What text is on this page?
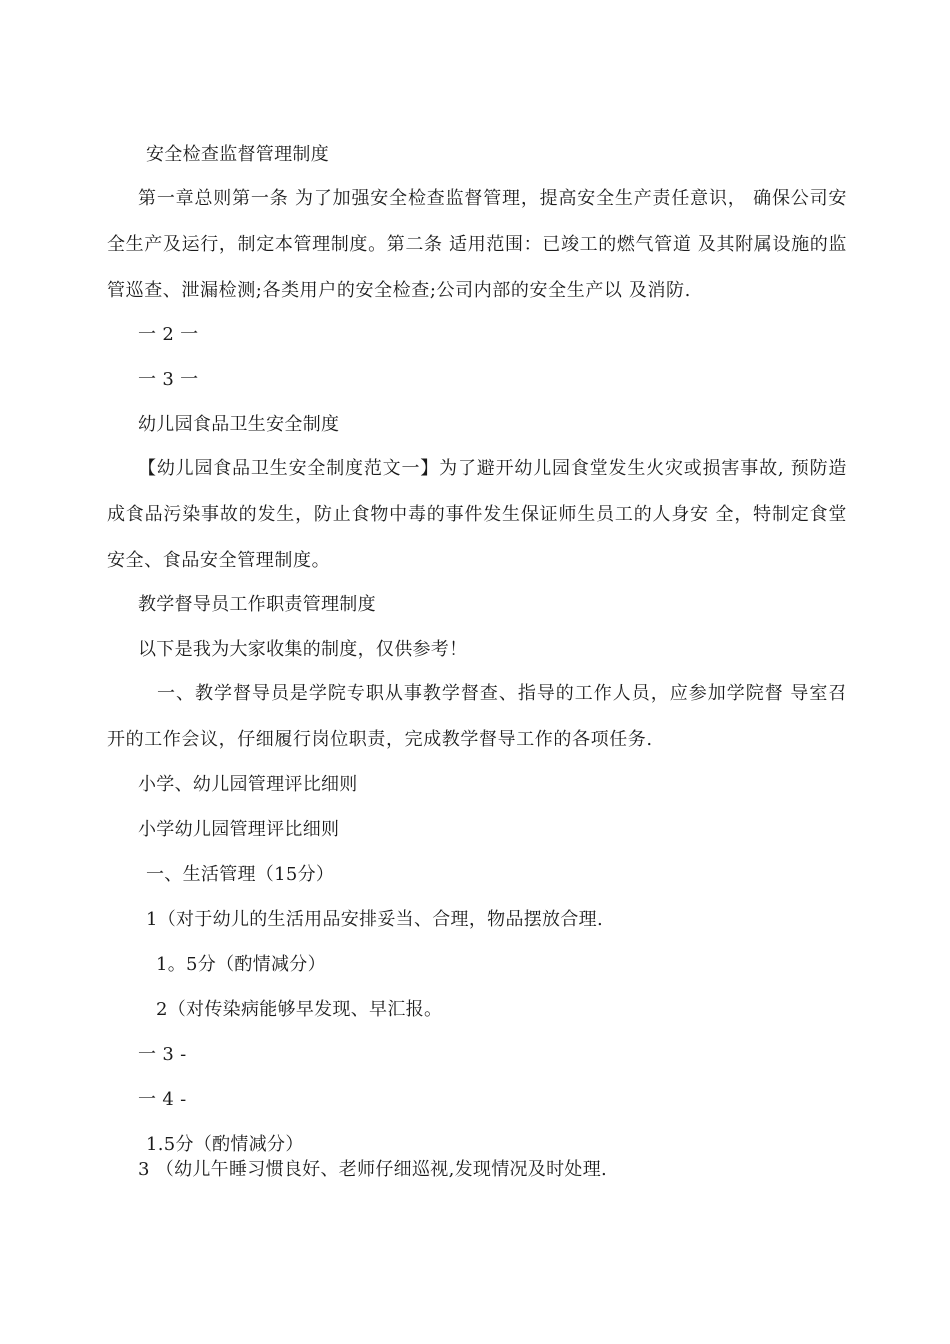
安全检查监督管理制度

第一章总则第一条 为了加强安全检查监督管理，提高安全生产责任意识， 确保公司安全生产及运行，制定本管理制度。第二条 适用范围：已竣工的燃气管道 及其附属设施的监管巡查、泄漏检测;各类用户的安全检查;公司内部的安全生产以 及消防.

一 2 一

一 3 一

幼儿园食品卫生安全制度

【幼儿园食品卫生安全制度范文一】为了避开幼儿园食堂发生火灾或损害事故, 预防造成食品污染事故的发生，防止食物中毒的事件发生保证师生员工的人身安 全，特制定食堂安全、食品安全管理制度。

教学督导员工作职责管理制度

以下是我为大家收集的制度，仅供参考！

一、教学督导员是学院专职从事教学督查、指导的工作人员，应参加学院督 导室召开的工作会议，仔细履行岗位职责，完成教学督导工作的各项任务.

小学、幼儿园管理评比细则

小学幼儿园管理评比细则

一、生活管理（15分）

1（对于幼儿的生活用品安排妥当、合理，物品摆放合理.

1。5分（酌情减分）

2（对传染病能够早发现、早汇报。

一 3 -

一 4 -

1.5分（酌情减分）

3 （幼儿午睡习惯良好、老师仔细巡视,发现情况及时处理.
